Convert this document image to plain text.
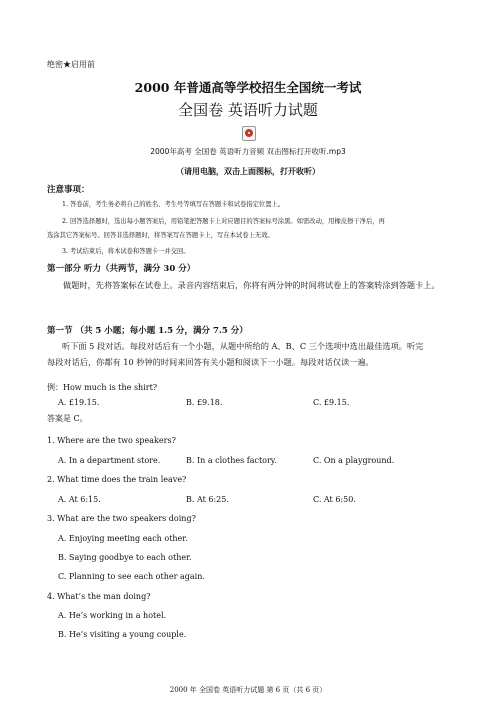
绝密★启用前
2000 年普通高等学校招生全国统一考试
全国卷 英语听力试题
2000年高考 全国卷 英语听力音频 双击图标打开收听.mp3
（请用电脑，双击上面图标，打开收听）
注意事项：
1. 答卷前，考生务必将自己的姓名、考生号等填写在答题卡和试卷指定位置上。
2. 回答选择题时，选出每小题答案后，用铅笔把答题卡上对应题目的答案标号涂黑。如需改动，用橡皮擦干净后，再
选涂其它答案标号。回答非选择题时，将答案写在答题卡上，写在本试卷上无效。
3. 考试结束后，将本试卷和答题卡一并交回。
第一部分 听力（共两节，满分 30 分）
做题时，先将答案标在试卷上。录音内容结束后，你将有两分钟的时间将试卷上的答案转涂到答题卡上。
第一节 （共 5 小题；每小题 1.5 分，满分 7.5 分）
听下面 5 段对话。每段对话后有一个小题，从题中所给的 A、B、C 三个选项中选出最佳选项。听完
每段对话后，你都有 10 秒钟的时间来回答有关小题和阅读下一小题。每段对话仅读一遍。
例：How much is the shirt?
A. £19.15.	B. £9.18.	C. £9.15.
答案是 C。
1. Where are the two speakers?
A. In a department store.	B. In a clothes factory.	C. On a playground.
2. What time does the train leave?
A. At 6:15.	B. At 6:25.	C. At 6:50.
3. What are the two speakers doing?
A. Enjoying meeting each other.
B. Saying goodbye to each other.
C. Planning to see each other again.
4. What’s the man doing?
A. He’s working in a hotel.
B. He’s visiting a young couple.
2000 年 全国卷 英语听力试题 第 6 页（共 6 页）
